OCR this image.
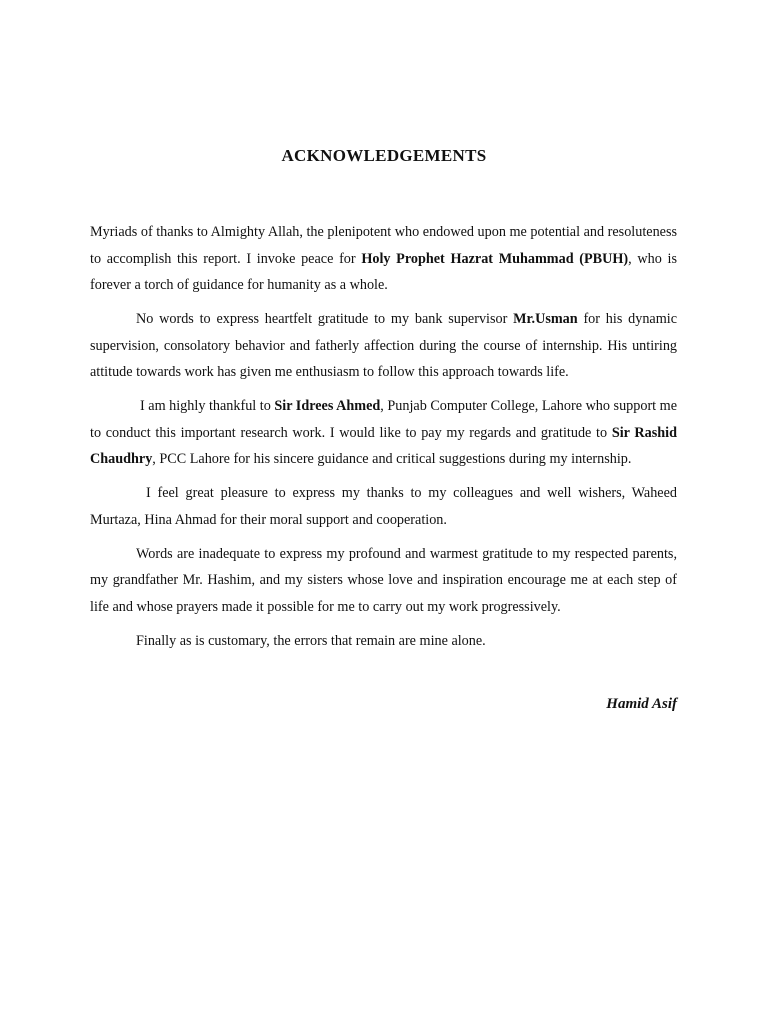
ACKNOWLEDGEMENTS

Myriads of thanks to Almighty Allah, the plenipotent who endowed upon me potential and resoluteness to accomplish this report. I invoke peace for Holy Prophet Hazrat Muhammad (PBUH), who is forever a torch of guidance for humanity as a whole.

No words to express heartfelt gratitude to my bank supervisor Mr.Usman for his dynamic supervision, consolatory behavior and fatherly affection during the course of internship. His untiring attitude towards work has given me enthusiasm to follow this approach towards life.

I am highly thankful to Sir Idrees Ahmed, Punjab Computer College, Lahore who support me to conduct this important research work. I would like to pay my regards and gratitude to Sir Rashid Chaudhry, PCC Lahore for his sincere guidance and critical suggestions during my internship.

I feel great pleasure to express my thanks to my colleagues and well wishers, Waheed Murtaza, Hina Ahmad for their moral support and cooperation.

Words are inadequate to express my profound and warmest gratitude to my respected parents, my grandfather Mr. Hashim, and my sisters whose love and inspiration encourage me at each step of life and whose prayers made it possible for me to carry out my work progressively.

Finally as is customary, the errors that remain are mine alone.

Hamid Asif
